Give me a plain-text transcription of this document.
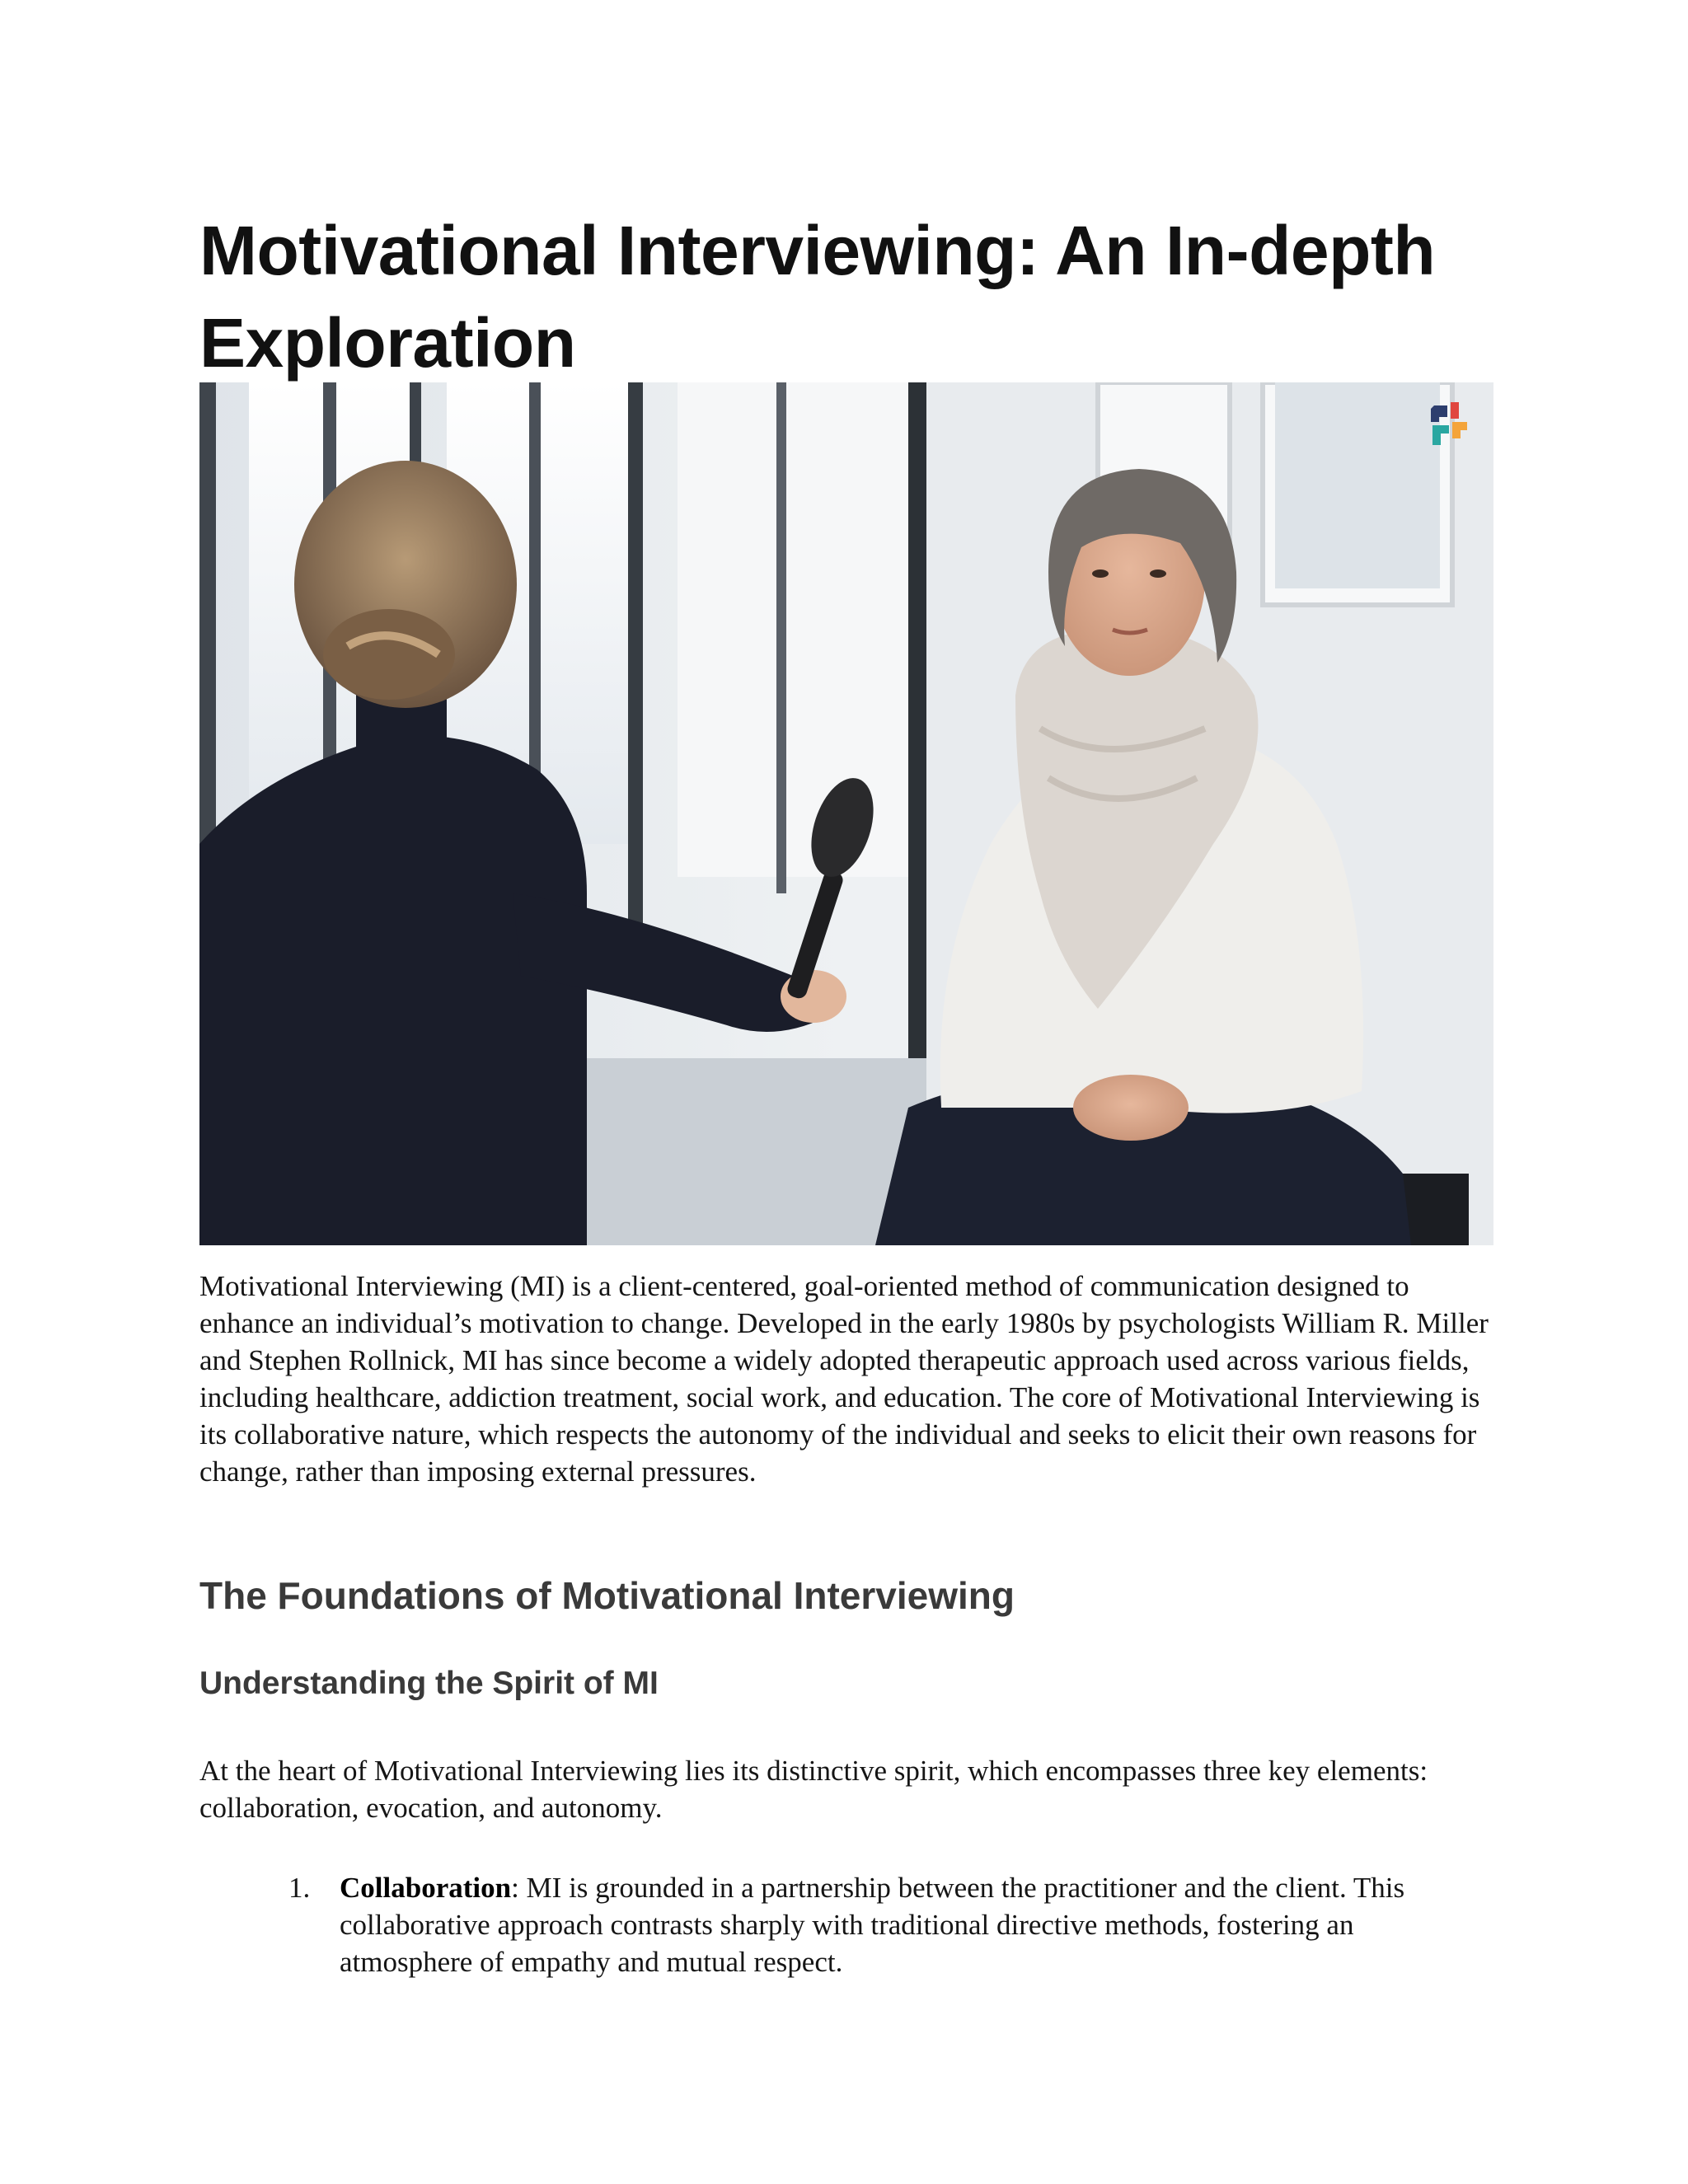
Motivational Interviewing: An In-depth Exploration

Motivational Interviewing (MI) is a client-centered, goal-oriented method of communication designed to enhance an individual’s motivation to change. Developed in the early 1980s by psychologists William R. Miller and Stephen Rollnick, MI has since become a widely adopted therapeutic approach used across various fields, including healthcare, addiction treatment, social work, and education. The core of Motivational Interviewing is its collaborative nature, which respects the autonomy of the individual and seeks to elicit their own reasons for change, rather than imposing external pressures.

The Foundations of Motivational Interviewing
Understanding the Spirit of MI

At the heart of Motivational Interviewing lies its distinctive spirit, which encompasses three key elements: collaboration, evocation, and autonomy.

1. Collaboration: MI is grounded in a partnership between the practitioner and the client. This collaborative approach contrasts sharply with traditional directive methods, fostering an atmosphere of empathy and mutual respect.
